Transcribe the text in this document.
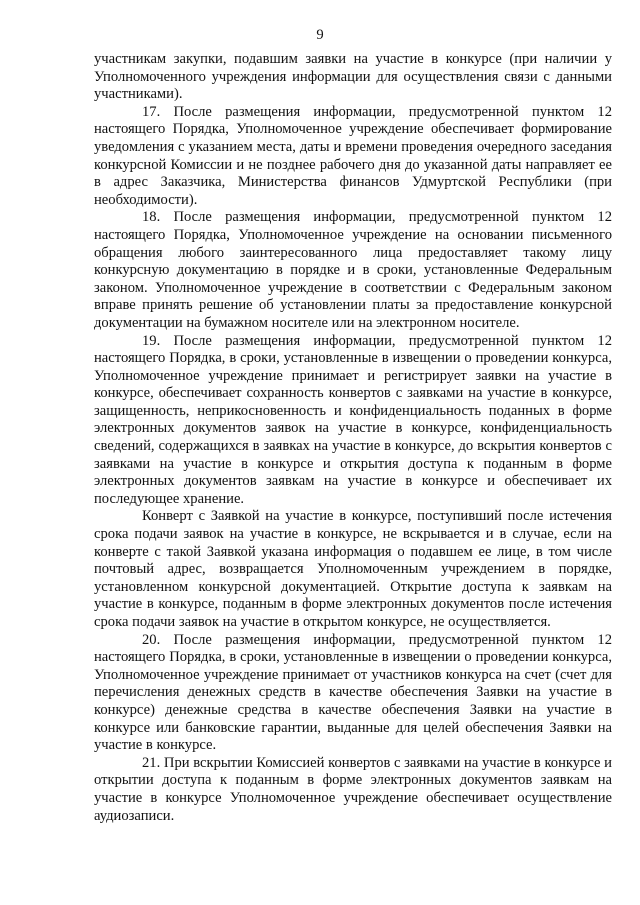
9

участникам закупки, подавшим заявки на участие в конкурсе (при наличии у Уполномоченного учреждения информации для осуществления связи с данными участниками).

17. После размещения информации, предусмотренной пунктом 12 настоящего Порядка, Уполномоченное учреждение обеспечивает формирование уведомления с указанием места, даты и времени проведения очередного заседания конкурсной Комиссии и не позднее рабочего дня до указанной даты направляет ее в адрес Заказчика, Министерства финансов Удмуртской Республики (при необходимости).

18. После размещения информации, предусмотренной пунктом 12 настоящего Порядка, Уполномоченное учреждение на основании письменного обращения любого заинтересованного лица предоставляет такому лицу конкурсную документацию в порядке и в сроки, установленные Федеральным законом. Уполномоченное учреждение в соответствии с Федеральным законом вправе принять решение об установлении платы за предоставление конкурсной документации на бумажном носителе или на электронном носителе.

19. После размещения информации, предусмотренной пунктом 12 настоящего Порядка, в сроки, установленные в извещении о проведении конкурса, Уполномоченное учреждение принимает и регистрирует заявки на участие в конкурсе, обеспечивает сохранность конвертов с заявками на участие в конкурсе, защищенность, неприкосновенность и конфиденциальность поданных в форме электронных документов заявок на участие в конкурсе, конфиденциальность сведений, содержащихся в заявках на участие в конкурсе, до вскрытия конвертов с заявками на участие в конкурсе и открытия доступа к поданным в форме электронных документов заявкам на участие в конкурсе и обеспечивает их последующее хранение.

Конверт с Заявкой на участие в конкурсе, поступивший после истечения срока подачи заявок на участие в конкурсе, не вскрывается и в случае, если на конверте с такой Заявкой указана информация о подавшем ее лице, в том числе почтовый адрес, возвращается Уполномоченным учреждением в порядке, установленном конкурсной документацией. Открытие доступа к заявкам на участие в конкурсе, поданным в форме электронных документов после истечения срока подачи заявок на участие в открытом конкурсе, не осуществляется.

20. После размещения информации, предусмотренной пунктом 12 настоящего Порядка, в сроки, установленные в извещении о проведении конкурса, Уполномоченное учреждение принимает от участников конкурса на счет (счет для перечисления денежных средств в качестве обеспечения Заявки на участие в конкурсе) денежные средства в качестве обеспечения Заявки на участие в конкурсе или банковские гарантии, выданные для целей обеспечения Заявки на участие в конкурсе.

21. При вскрытии Комиссией конвертов с заявками на участие в конкурсе и открытии доступа к поданным в форме электронных документов заявкам на участие в конкурсе Уполномоченное учреждение обеспечивает осуществление аудиозаписи.
